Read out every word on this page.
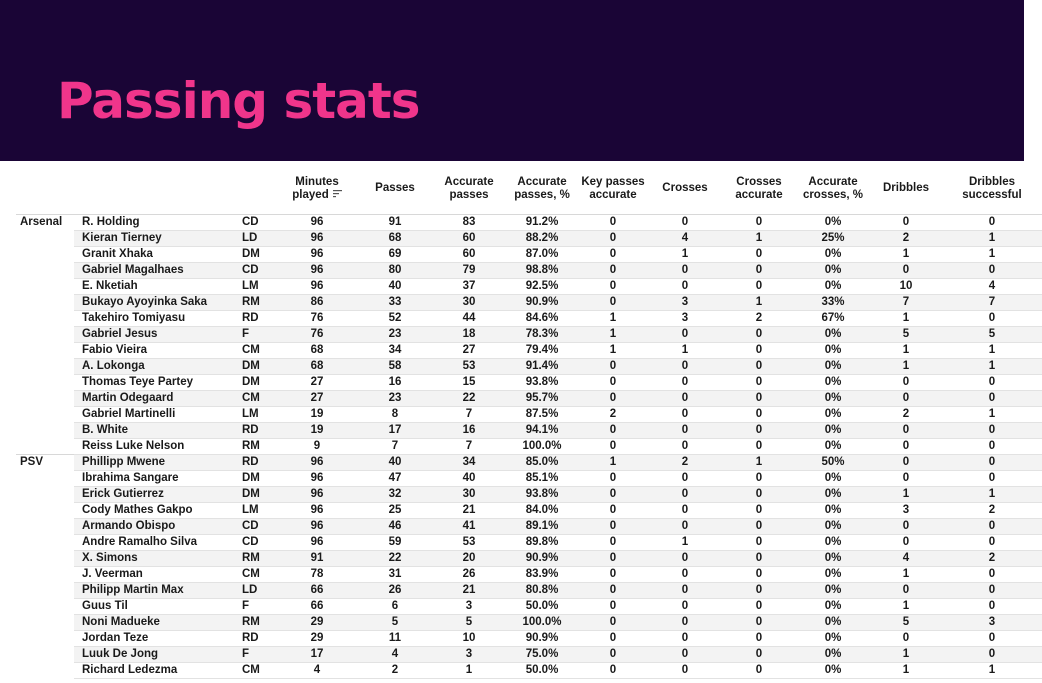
Passing stats
			Minutes played	Passes	Accurate passes	Accurate passes, %	Key passes accurate	Crosses	Crosses accurate	Accurate crosses, %	Dribbles	Dribbles successful
Arsenal	R. Holding	CD	96	91	83	91.2%	0	0	0	0%	0	0
	Kieran Tierney	LD	96	68	60	88.2%	0	4	1	25%	2	1
	Granit Xhaka	DM	96	69	60	87.0%	0	1	0	0%	1	1
	Gabriel Magalhaes	CD	96	80	79	98.8%	0	0	0	0%	0	0
	E. Nketiah	LM	96	40	37	92.5%	0	0	0	0%	10	4
	Bukayo Ayoyinka Saka	RM	86	33	30	90.9%	0	3	1	33%	7	7
	Takehiro Tomiyasu	RD	76	52	44	84.6%	1	3	2	67%	1	0
	Gabriel Jesus	F	76	23	18	78.3%	1	0	0	0%	5	5
	Fabio Vieira	CM	68	34	27	79.4%	1	1	0	0%	1	1
	A. Lokonga	DM	68	58	53	91.4%	0	0	0	0%	1	1
	Thomas Teye Partey	DM	27	16	15	93.8%	0	0	0	0%	0	0
	Martin Odegaard	CM	27	23	22	95.7%	0	0	0	0%	0	0
	Gabriel Martinelli	LM	19	8	7	87.5%	2	0	0	0%	2	1
	B. White	RD	19	17	16	94.1%	0	0	0	0%	0	0
	Reiss Luke Nelson	RM	9	7	7	100.0%	0	0	0	0%	0	0
PSV	Phillipp Mwene	RD	96	40	34	85.0%	1	2	1	50%	0	0
	Ibrahima Sangare	DM	96	47	40	85.1%	0	0	0	0%	0	0
	Erick Gutierrez	DM	96	32	30	93.8%	0	0	0	0%	1	1
	Cody Mathes Gakpo	LM	96	25	21	84.0%	0	0	0	0%	3	2
	Armando Obispo	CD	96	46	41	89.1%	0	0	0	0%	0	0
	Andre Ramalho Silva	CD	96	59	53	89.8%	0	1	0	0%	0	0
	X. Simons	RM	91	22	20	90.9%	0	0	0	0%	4	2
	J. Veerman	CM	78	31	26	83.9%	0	0	0	0%	1	0
	Philipp Martin Max	LD	66	26	21	80.8%	0	0	0	0%	0	0
	Guus Til	F	66	6	3	50.0%	0	0	0	0%	1	0
	Noni Madueke	RM	29	5	5	100.0%	0	0	0	0%	5	3
	Jordan Teze	RD	29	11	10	90.9%	0	0	0	0%	0	0
	Luuk De Jong	F	17	4	3	75.0%	0	0	0	0%	1	0
	Richard Ledezma	CM	4	2	1	50.0%	0	0	0	0%	1	1
